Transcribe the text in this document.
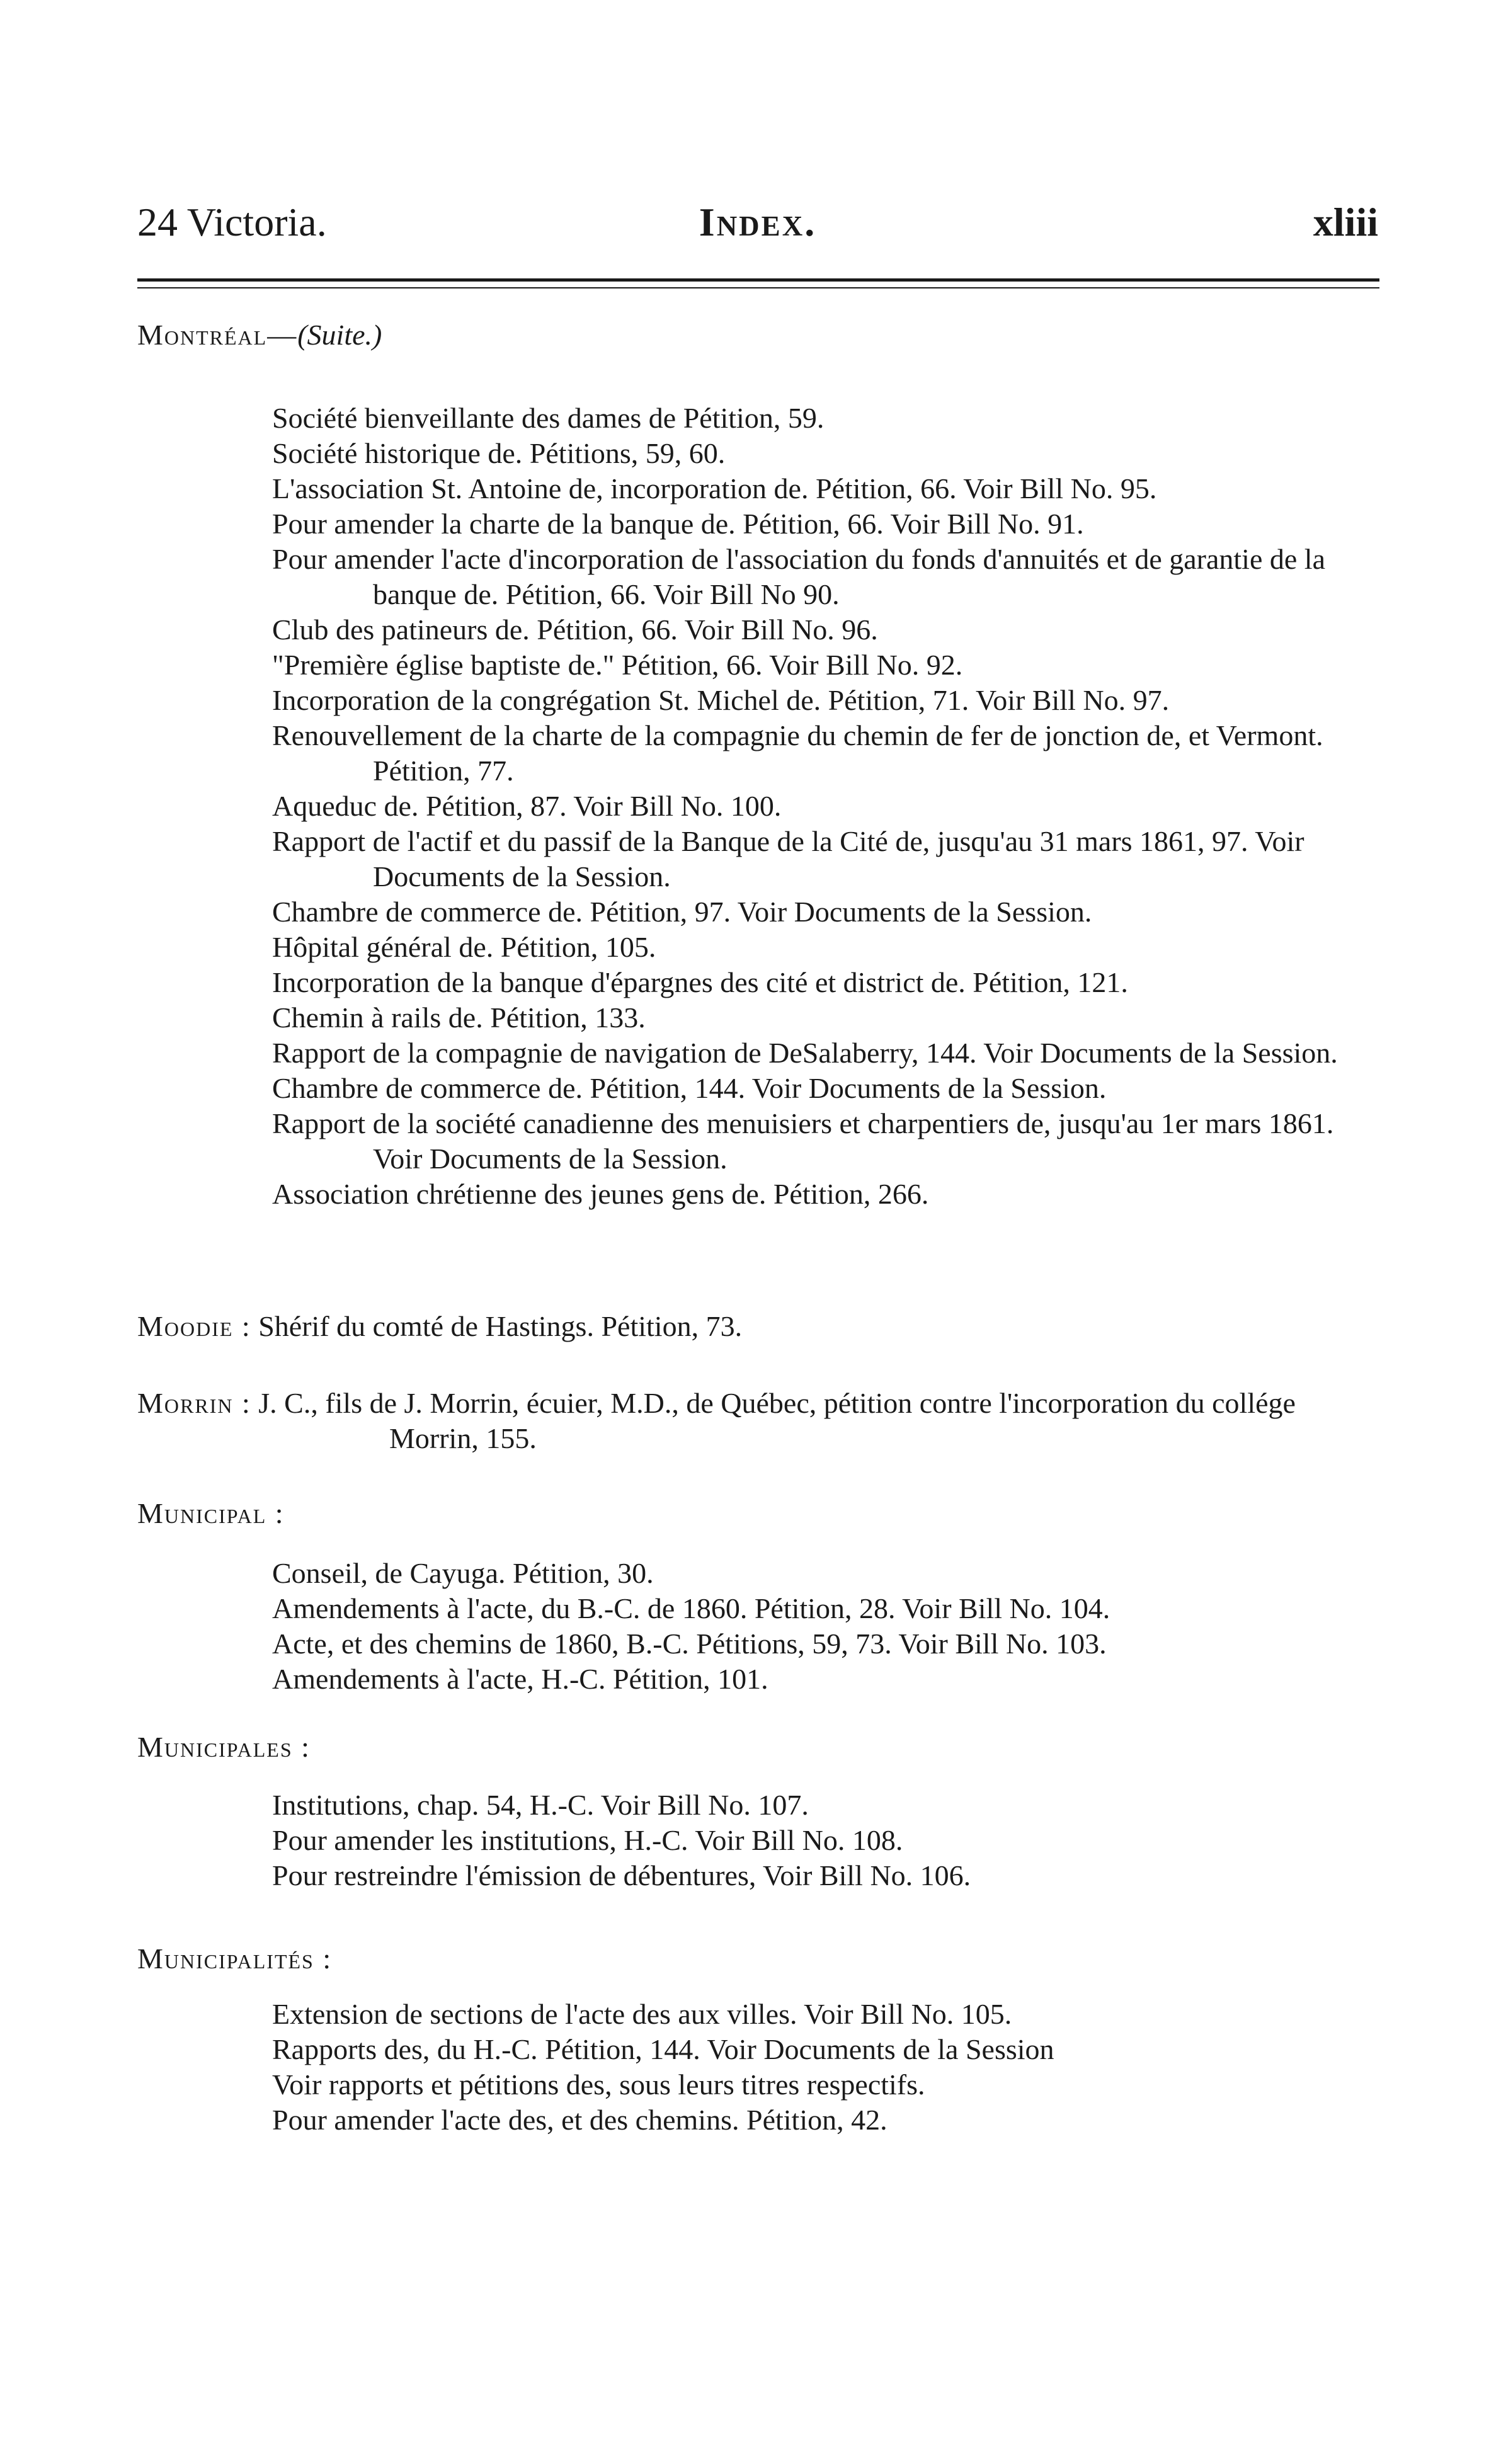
24 Victoria.	Index.	xliii
Montréal—(Suite.)
Société bienveillante des dames de Pétition, 59.
Société historique de. Pétitions, 59, 60.
L'association St. Antoine de, incorporation de. Pétition, 66. Voir Bill No. 95.
Pour amender la charte de la banque de. Pétition, 66. Voir Bill No. 91.
Pour amender l'acte d'incorporation de l'association du fonds d'annuités et de garantie de la banque de. Pétition, 66. Voir Bill No 90.
Club des patineurs de. Pétition, 66. Voir Bill No. 96.
"Première église baptiste de." Pétition, 66. Voir Bill No. 92.
Incorporation de la congrégation St. Michel de. Pétition, 71. Voir Bill No. 97.
Renouvellement de la charte de la compagnie du chemin de fer de jonction de, et Vermont. Pétition, 77.
Aqueduc de. Pétition, 87. Voir Bill No. 100.
Rapport de l'actif et du passif de la Banque de la Cité de, jusqu'au 31 mars 1861, 97. Voir Documents de la Session.
Chambre de commerce de. Pétition, 97. Voir Documents de la Session.
Hôpital général de. Pétition, 105.
Incorporation de la banque d'épargnes des cité et district de. Pétition, 121.
Chemin à rails de. Pétition, 133.
Rapport de la compagnie de navigation de DeSalaberry, 144. Voir Documents de la Session.
Chambre de commerce de. Pétition, 144. Voir Documents de la Session.
Rapport de la société canadienne des menuisiers et charpentiers de, jusqu'au 1er mars 1861. Voir Documents de la Session.
Association chrétienne des jeunes gens de. Pétition, 266.
Moodie : Shérif du comté de Hastings. Pétition, 73.
Morrin : J. C., fils de J. Morrin, écuier, M.D., de Québec, pétition contre l'incorporation du collége Morrin, 155.
Municipal :
Conseil, de Cayuga. Pétition, 30.
Amendements à l'acte, du B.-C. de 1860. Pétition, 28. Voir Bill No. 104.
Acte, et des chemins de 1860, B.-C. Pétitions, 59, 73. Voir Bill No. 103.
Amendements à l'acte, H.-C. Pétition, 101.
Municipales :
Institutions, chap. 54, H.-C. Voir Bill No. 107.
Pour amender les institutions, H.-C. Voir Bill No. 108.
Pour restreindre l'émission de débentures, Voir Bill No. 106.
Municipalités :
Extension de sections de l'acte des aux villes. Voir Bill No. 105.
Rapports des, du H.-C. Pétition, 144. Voir Documents de la Session
Voir rapports et pétitions des, sous leurs titres respectifs.
Pour amender l'acte des, et des chemins. Pétition, 42.
